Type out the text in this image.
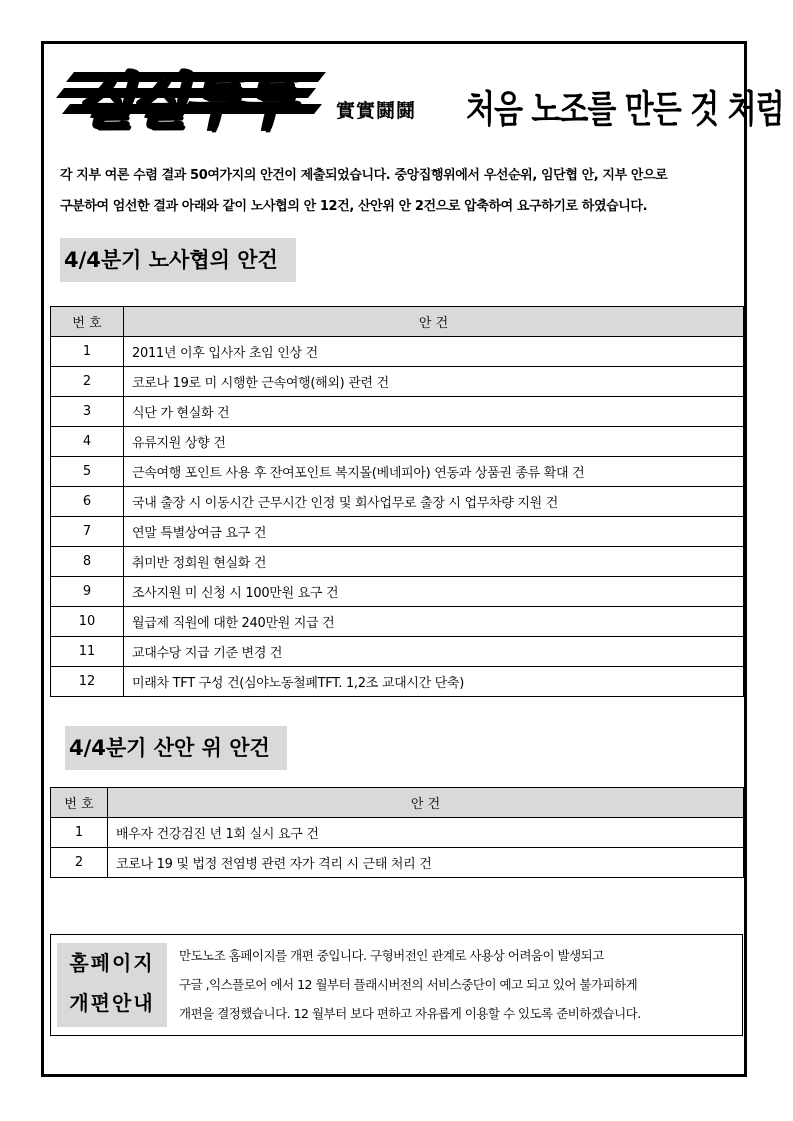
실실투투 實實鬪鬪 처음 노조를 만든 것 처럼
각 지부 여론 수렴 결과 50여가지의 안건이 제출되었습니다. 중앙집행위에서 우선순위, 임단협 안, 지부 안으로
구분하여 엄선한 결과 아래와 같이 노사협의 안 12건, 산안위 안 2건으로 압축하여 요구하기로 하였습니다.
4/4분기 노사협의 안건
번 호	안 건
1	2011년 이후 입사자 초임 인상 건
2	코로나 19로 미 시행한 근속여행(해외) 관련 건
3	식단 가 현실화 건
4	유류지원 상향 건
5	근속여행 포인트 사용 후 잔여포인트 복지몰(베네피아) 연동과 상품권 종류 확대 건
6	국내 출장 시 이동시간 근무시간 인정 및 회사업무로 출장 시 업무차량 지원 건
7	연말 특별상여금 요구 건
8	취미반 정회원 현실화 건
9	조사지원 미 신청 시 100만원 요구 건
10	월급제 직원에 대한 240만원 지급 건
11	교대수당 지급 기준 변경 건
12	미래차 TFT 구성 건(심야노동철폐TFT. 1,2조 교대시간 단축)
4/4분기 산안 위 안건
번 호	안 건
1	배우자 건강검진 년 1회 실시 요구 건
2	코로나 19 및 법정 전염병 관련 자가 격리 시 근태 처리 건
홈페이지
개편안내
만도노조 홈페이지를 개편 중입니다. 구형버전인 관계로 사용상 어려움이 발생되고
구글 ,익스플로어 에서 12 월부터 플래시버전의 서비스중단이 예고 되고 있어 불가피하게
개편을 결정했습니다. 12 월부터 보다 편하고 자유롭게 이용할 수 있도록 준비하겠습니다.
